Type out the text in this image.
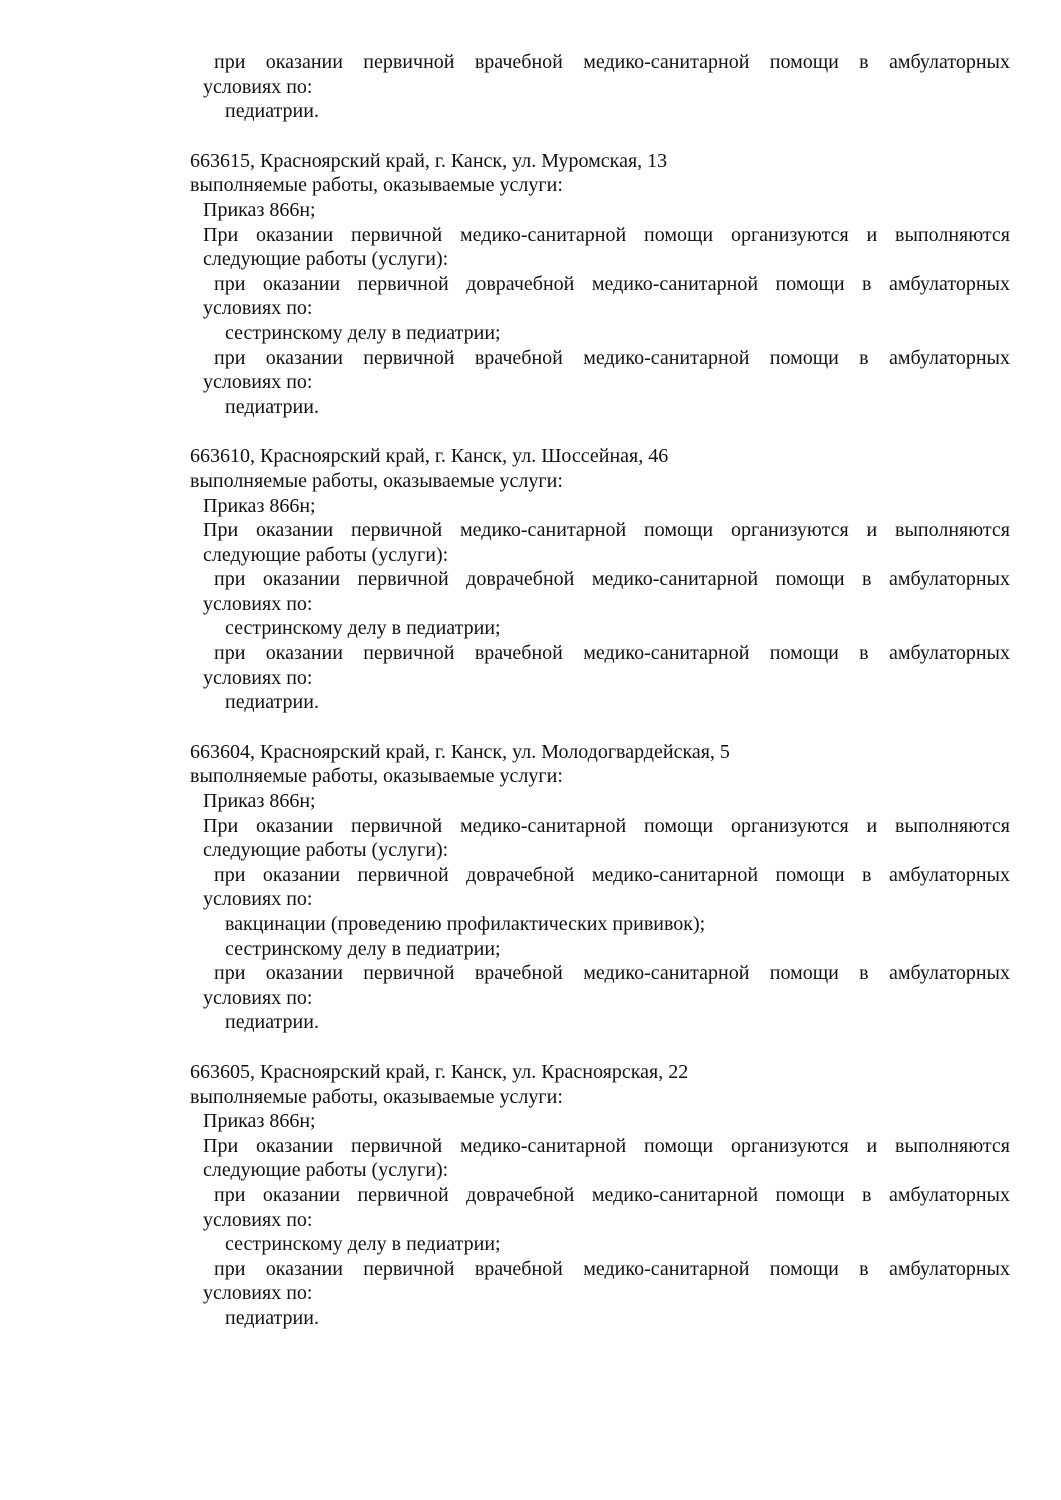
при оказании первичной врачебной медико-санитарной помощи в амбулаторных
условиях по:
педиатрии.
663615, Красноярский край, г. Канск, ул. Муромская, 13
выполняемые работы, оказываемые услуги:
Приказ 866н;
При оказании первичной медико-санитарной помощи организуются и выполняются
следующие работы (услуги):
при оказании первичной доврачебной медико-санитарной помощи в амбулаторных
условиях по:
сестринскому делу в педиатрии;
при оказании первичной врачебной медико-санитарной помощи в амбулаторных
условиях по:
педиатрии.
663610, Красноярский край, г. Канск, ул. Шоссейная, 46
выполняемые работы, оказываемые услуги:
Приказ 866н;
При оказании первичной медико-санитарной помощи организуются и выполняются
следующие работы (услуги):
при оказании первичной доврачебной медико-санитарной помощи в амбулаторных
условиях по:
сестринскому делу в педиатрии;
при оказании первичной врачебной медико-санитарной помощи в амбулаторных
условиях по:
педиатрии.
663604, Красноярский край, г. Канск, ул. Молодогвардейская, 5
выполняемые работы, оказываемые услуги:
Приказ 866н;
При оказании первичной медико-санитарной помощи организуются и выполняются
следующие работы (услуги):
при оказании первичной доврачебной медико-санитарной помощи в амбулаторных
условиях по:
вакцинации (проведению профилактических прививок);
сестринскому делу в педиатрии;
при оказании первичной врачебной медико-санитарной помощи в амбулаторных
условиях по:
педиатрии.
663605, Красноярский край, г. Канск, ул. Красноярская, 22
выполняемые работы, оказываемые услуги:
Приказ 866н;
При оказании первичной медико-санитарной помощи организуются и выполняются
следующие работы (услуги):
при оказании первичной доврачебной медико-санитарной помощи в амбулаторных
условиях по:
сестринскому делу в педиатрии;
при оказании первичной врачебной медико-санитарной помощи в амбулаторных
условиях по:
педиатрии.
